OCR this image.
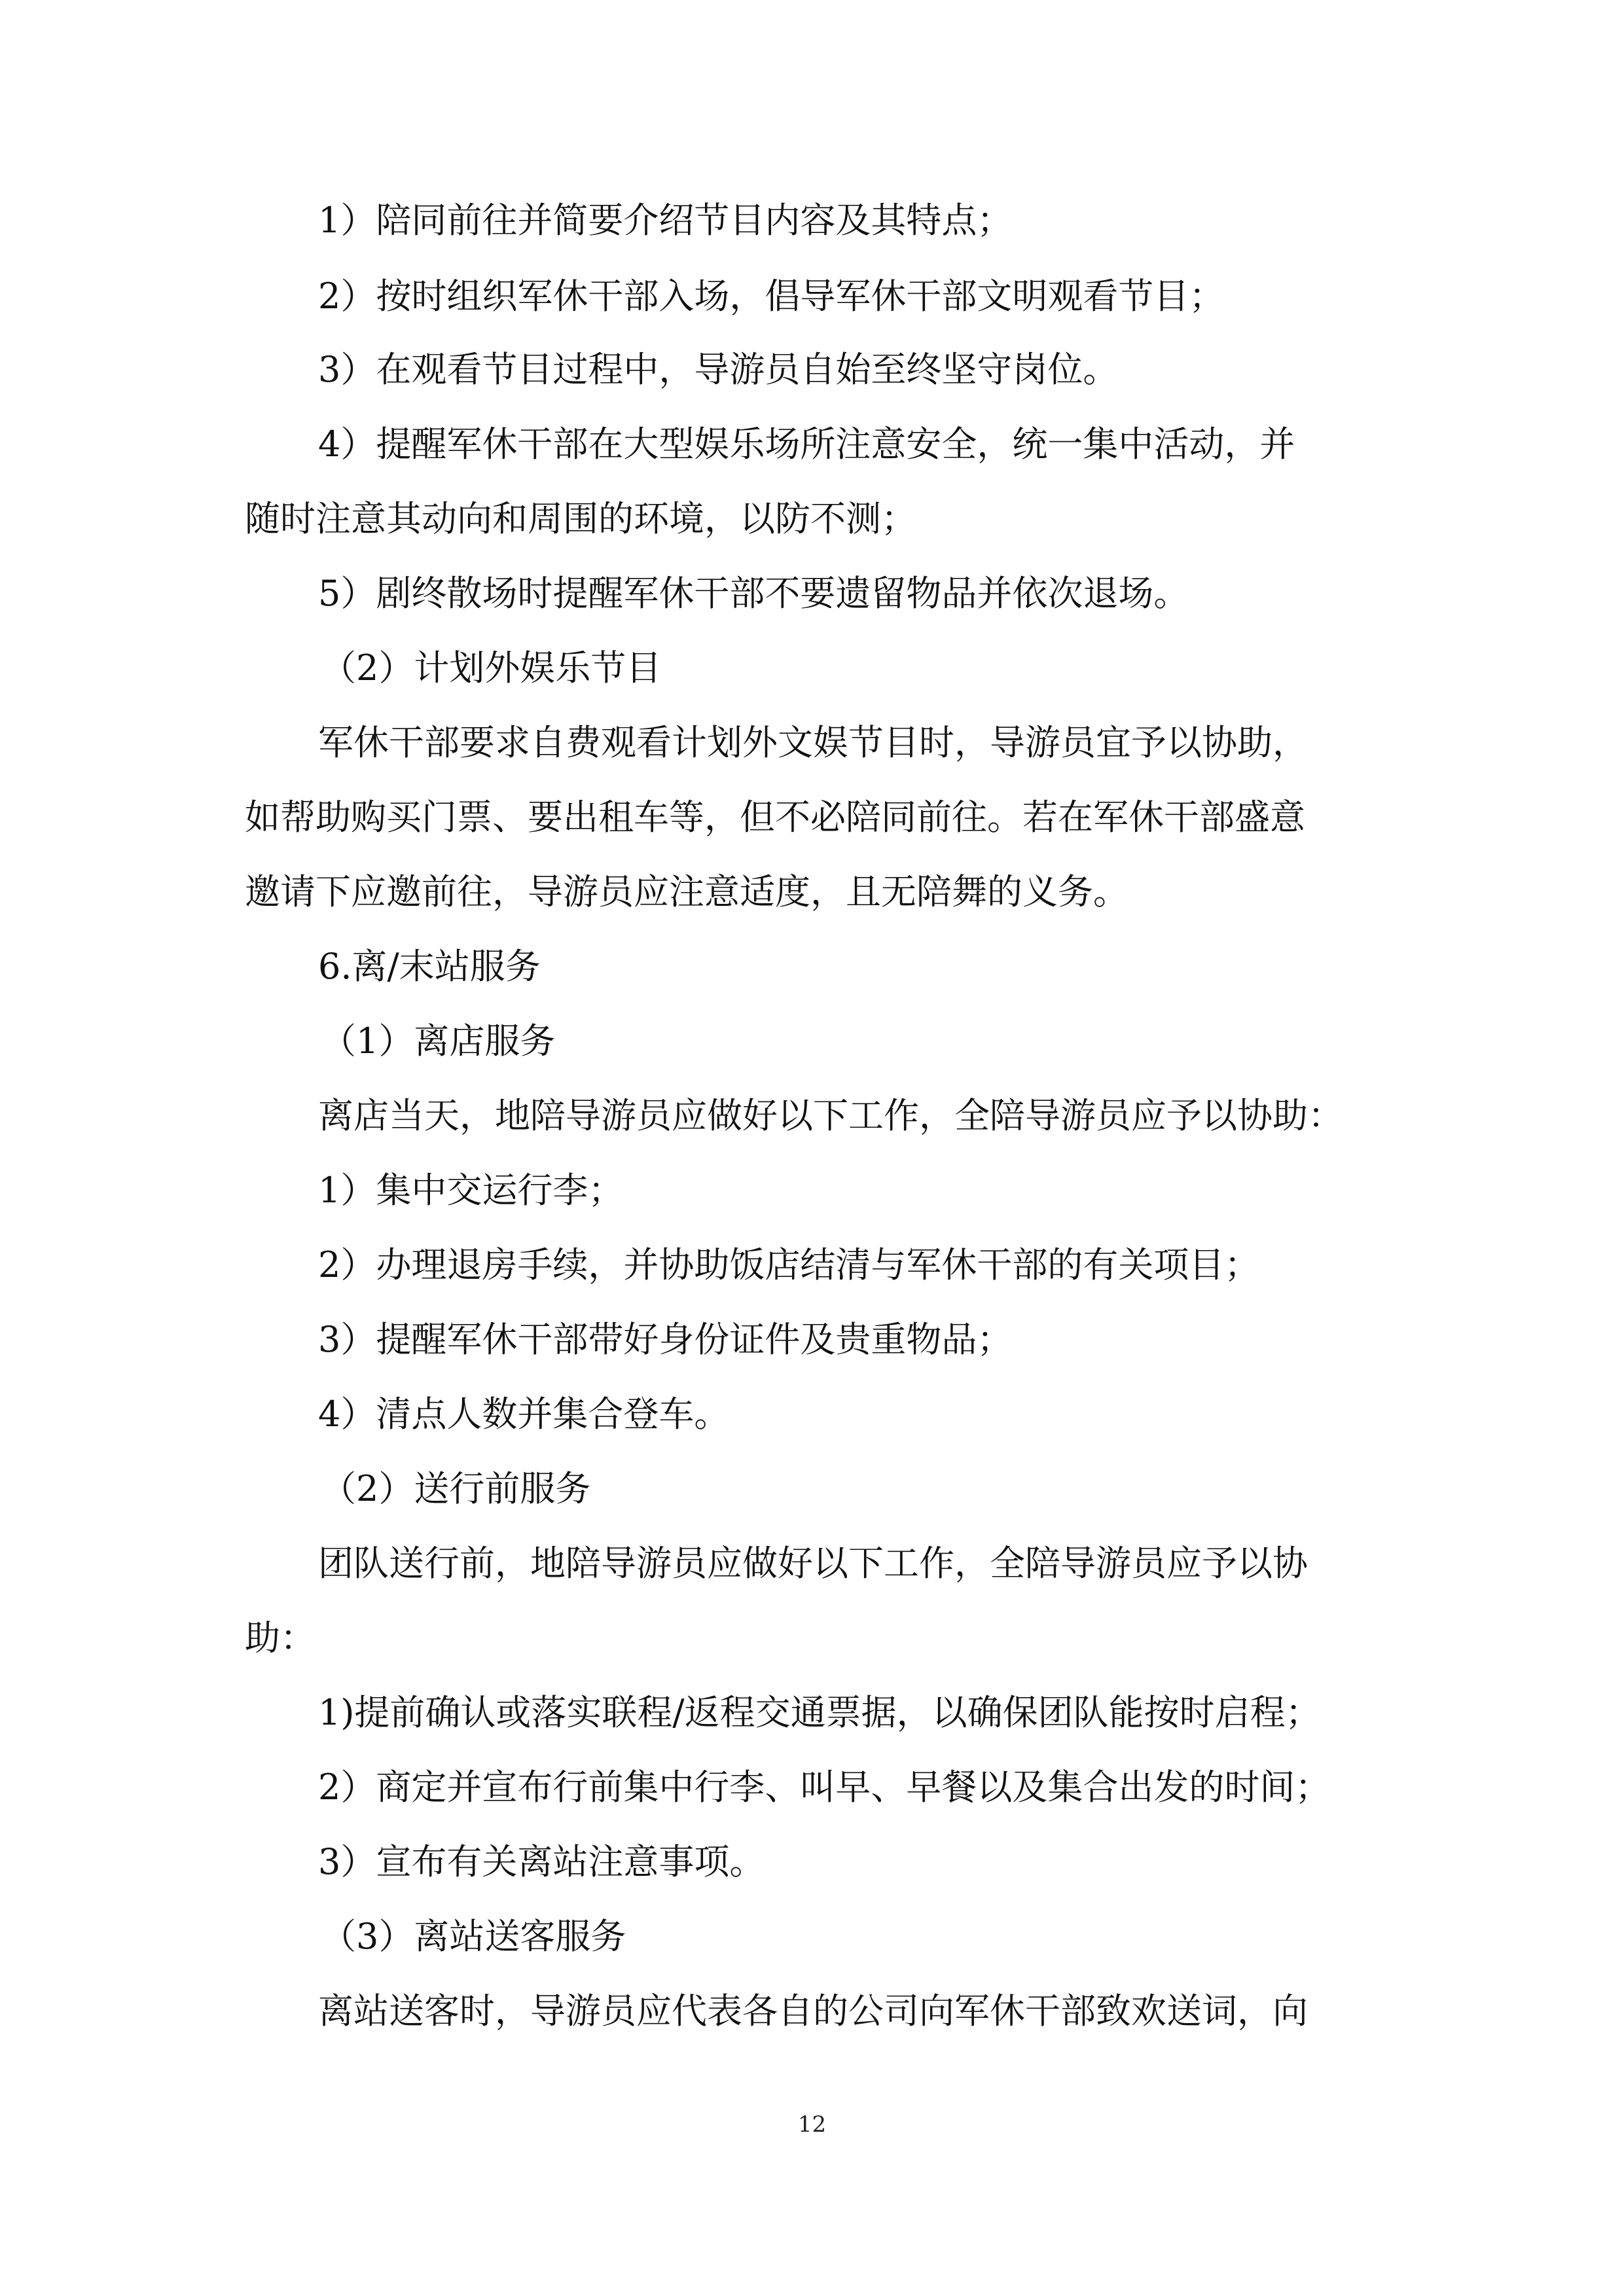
1）陪同前往并简要介绍节目内容及其特点；
2）按时组织军休干部入场，倡导军休干部文明观看节目；
3）在观看节目过程中，导游员自始至终坚守岗位。
4）提醒军休干部在大型娱乐场所注意安全，统一集中活动，并
随时注意其动向和周围的环境，以防不测；
5）剧终散场时提醒军休干部不要遗留物品并依次退场。
（2）计划外娱乐节目
军休干部要求自费观看计划外文娱节目时，导游员宜予以协助，
如帮助购买门票、要出租车等，但不必陪同前往。若在军休干部盛意
邀请下应邀前往，导游员应注意适度，且无陪舞的义务。
6.离/末站服务
（1）离店服务
离店当天，地陪导游员应做好以下工作，全陪导游员应予以协助：
1）集中交运行李；
2）办理退房手续，并协助饭店结清与军休干部的有关项目；
3）提醒军休干部带好身份证件及贵重物品；
4）清点人数并集合登车。
（2）送行前服务
团队送行前，地陪导游员应做好以下工作，全陪导游员应予以协
助：
1)提前确认或落实联程/返程交通票据，以确保团队能按时启程；
2）商定并宣布行前集中行李、叫早、早餐以及集合出发的时间；
3）宣布有关离站注意事项。
（3）离站送客服务
离站送客时，导游员应代表各自的公司向军休干部致欢送词，向
12
